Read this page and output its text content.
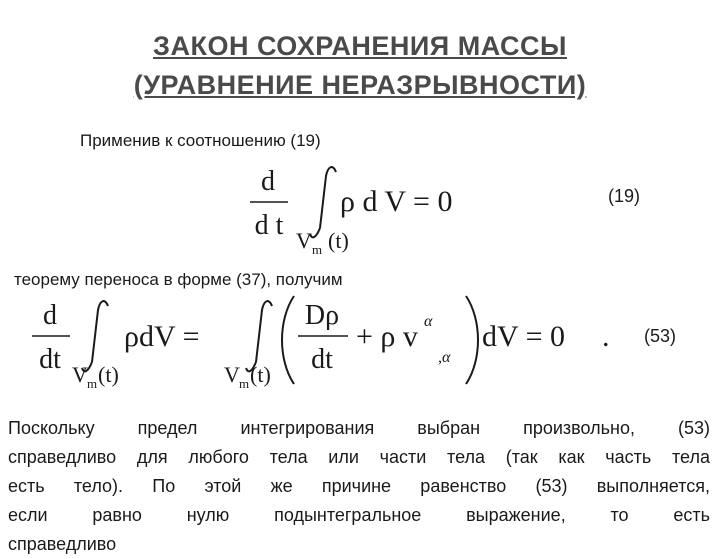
ЗАКОН СОХРАНЕНИЯ МАССЫ
(УРАВНЕНИЕ НЕРАЗРЫВНОСТИ)
Применив к соотношению (19)
d
d t
ρ d V = 0
V m (t)
(19)
теорему переноса в форме (37), получим
d
dt V m (t)
ρdV =
V m (t)
Dρ
dt
+ ρ v α
,α
dV = 0 . (53)
Поскольку предел интегрирования выбран произвольно, (53)
справедливо для любого тела или части тела (так как часть тела
есть тело). По этой же причине равенство (53) выполняется,
если равно нулю подынтегральное выражение, то есть
справедливо
